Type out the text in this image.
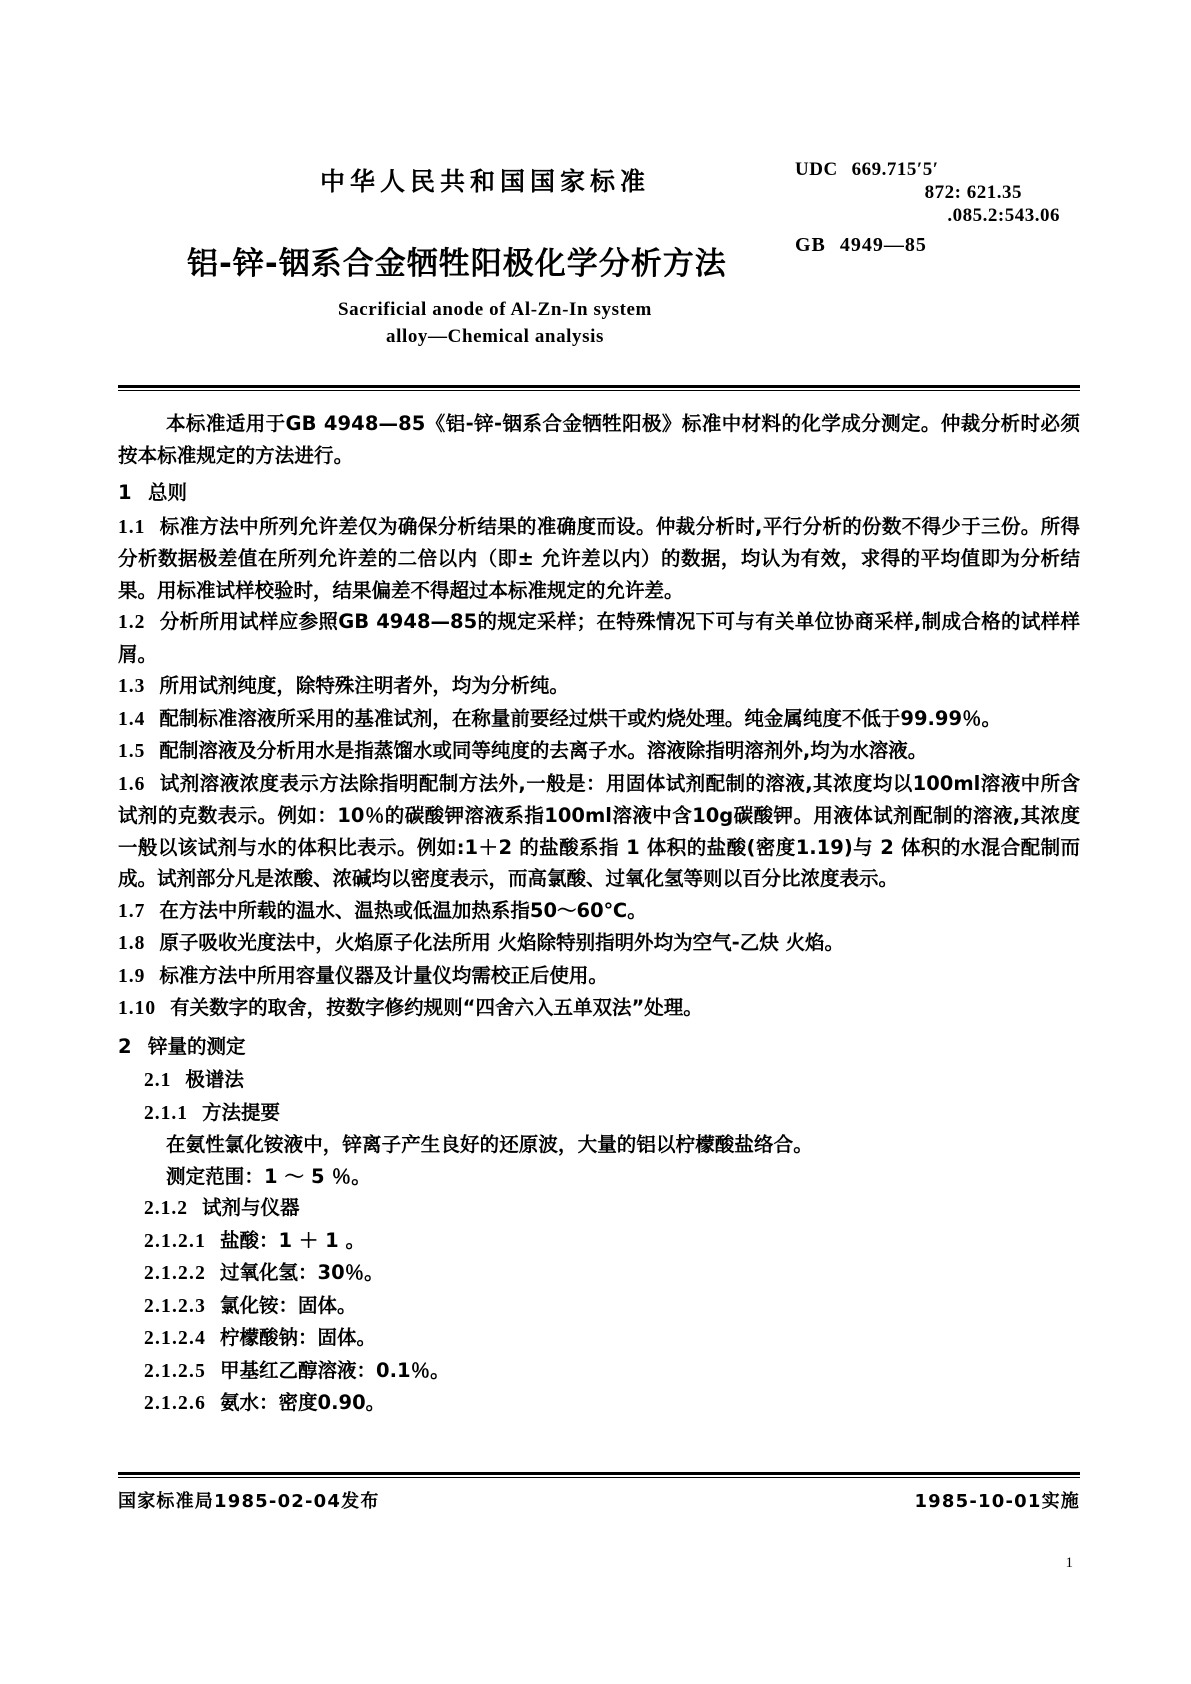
中华人民共和国国家标准	UDC 669.715′5′
872: 621.35
.085.2:543.06
GB 4949—85
铝-锌-铟系合金牺牲阳极化学分析方法
Sacrificial anode of Al-Zn-In system
alloy—Chemical analysis

本标准适用于GB 4948—85《铝-锌-铟系合金牺牲阳极》标准中材料的化学成分测定。仲裁分析时必须按本标准规定的方法进行。

1 总则

1.1 标准方法中所列允许差仅为确保分析结果的准确度而设。仲裁分析时,平行分析的份数不得少于三份。所得分析数据极差值在所列允许差的二倍以内（即± 允许差以内）的数据，均认为有效，求得的平均值即为分析结果。用标准试样校验时，结果偏差不得超过本标准规定的允许差。

1.2 分析所用试样应参照GB 4948—85的规定采样；在特殊情况下可与有关单位协商采样,制成合格的试样样屑。

1.3 所用试剂纯度，除特殊注明者外，均为分析纯。

1.4 配制标准溶液所采用的基准试剂，在称量前要经过烘干或灼烧处理。纯金属纯度不低于99.99％。

1.5 配制溶液及分析用水是指蒸馏水或同等纯度的去离子水。溶液除指明溶剂外,均为水溶液。

1.6 试剂溶液浓度表示方法除指明配制方法外,一般是：用固体试剂配制的溶液,其浓度均以100ml溶液中所含试剂的克数表示。例如：10％的碳酸钾溶液系指100ml溶液中含10g碳酸钾。用液体试剂配制的溶液,其浓度一般以该试剂与水的体积比表示。例如:1＋2 的盐酸系指 1 体积的盐酸(密度1.19)与 2 体积的水混合配制而成。试剂部分凡是浓酸、浓碱均以密度表示，而高氯酸、过氧化氢等则以百分比浓度表示。

1.7 在方法中所载的温水、温热或低温加热系指50～60℃。

1.8 原子吸收光度法中，火焰原子化法所用 火焰除特别指明外均为空气-乙炔 火焰。

1.9 标准方法中所用容量仪器及计量仪均需校正后使用。

1.10 有关数字的取舍，按数字修约规则“四舍六入五单双法”处理。

2 锌量的测定

2.1 极谱法

2.1.1 方法提要

在氨性氯化铵液中，锌离子产生良好的还原波，大量的铝以柠檬酸盐络合。

测定范围：1 ～ 5 ％。

2.1.2 试剂与仪器

2.1.2.1 盐酸：1 ＋ 1 。

2.1.2.2 过氧化氢：30％。

2.1.2.3 氯化铵：固体。

2.1.2.4 柠檬酸钠：固体。

2.1.2.5 甲基红乙醇溶液：0.1％。

2.1.2.6 氨水：密度0.90。

国家标准局1985-02-04发布	1985-10-01实施
1
